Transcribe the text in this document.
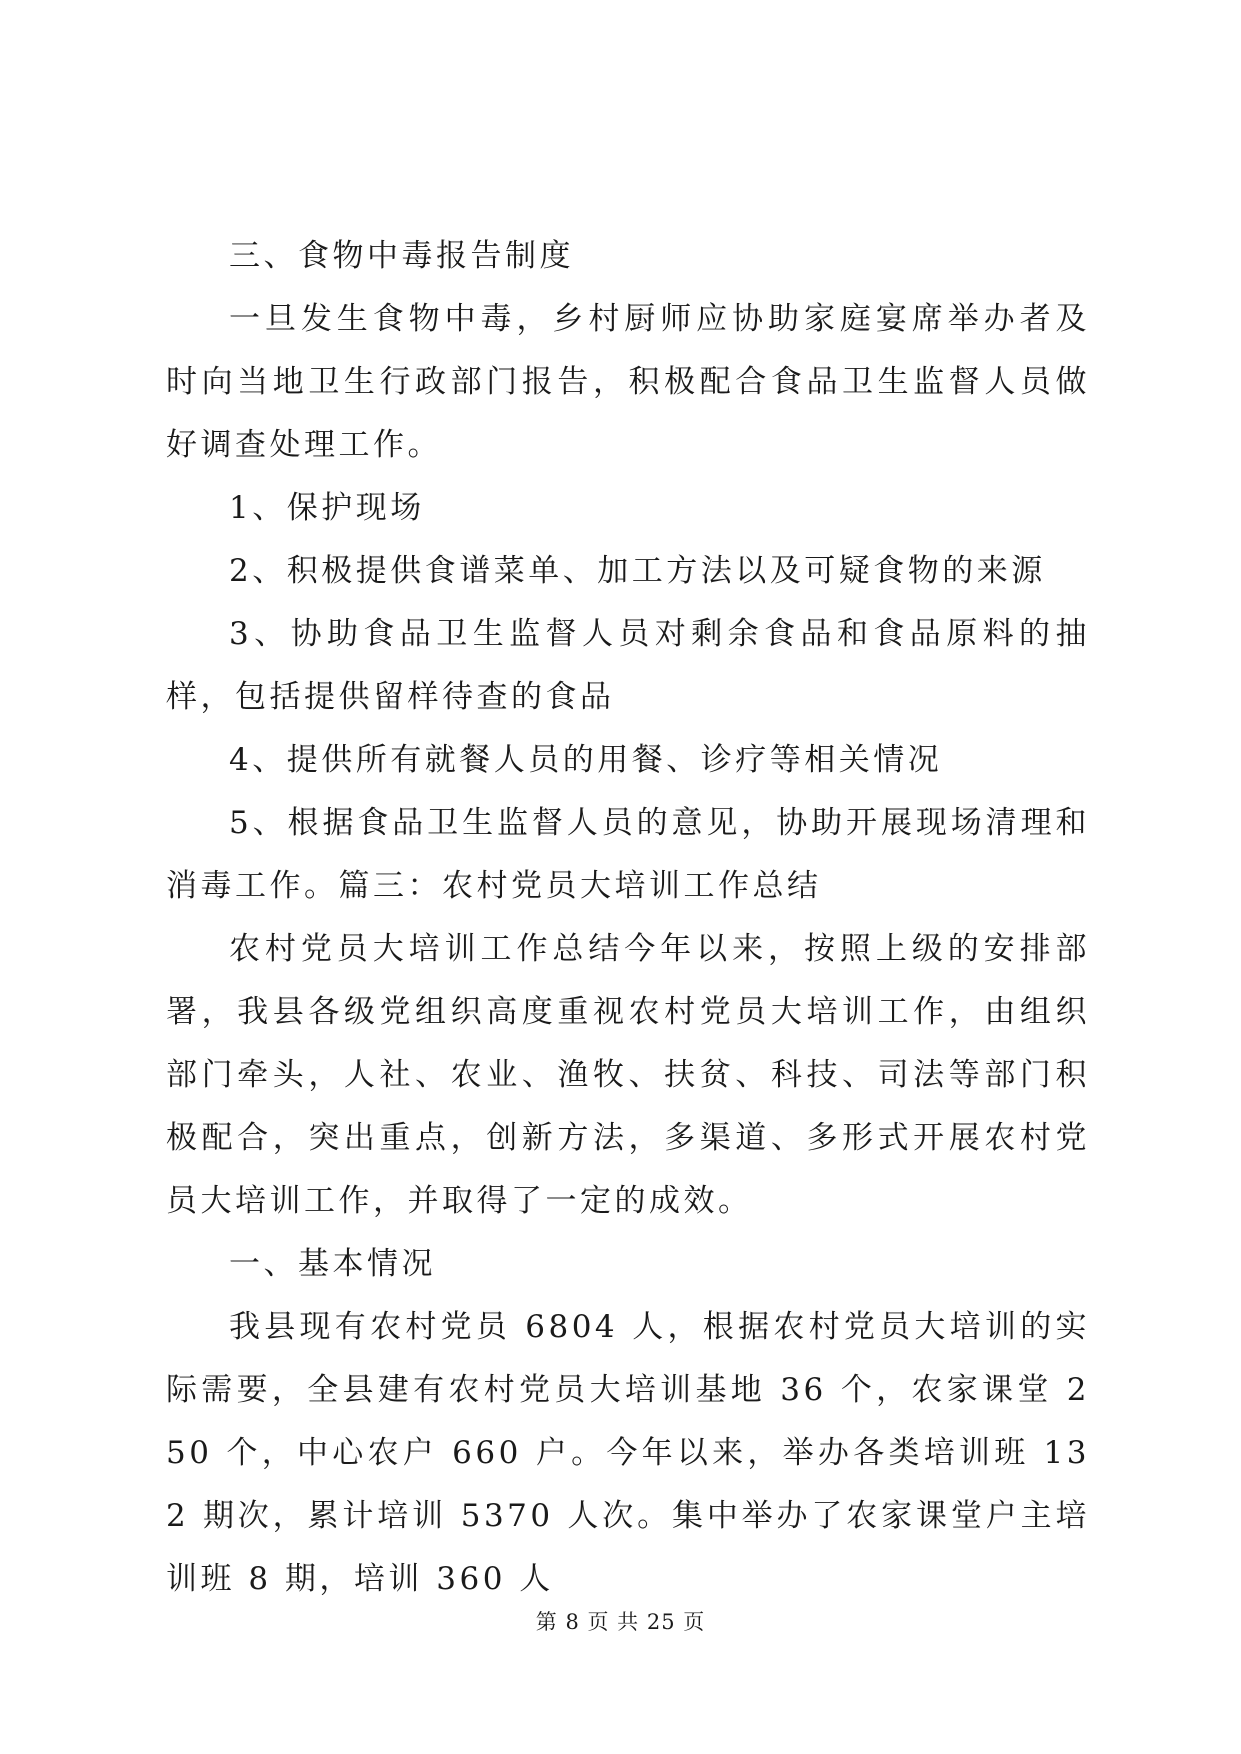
三、食物中毒报告制度

一旦发生食物中毒，乡村厨师应协助家庭宴席举办者及时向当地卫生行政部门报告，积极配合食品卫生监督人员做好调查处理工作。

1、保护现场

2、积极提供食谱菜单、加工方法以及可疑食物的来源

3、协助食品卫生监督人员对剩余食品和食品原料的抽样，包括提供留样待查的食品

4、提供所有就餐人员的用餐、诊疗等相关情况

5、根据食品卫生监督人员的意见，协助开展现场清理和消毒工作。篇三：农村党员大培训工作总结

农村党员大培训工作总结今年以来，按照上级的安排部署，我县各级党组织高度重视农村党员大培训工作，由组织部门牵头，人社、农业、渔牧、扶贫、科技、司法等部门积极配合，突出重点，创新方法，多渠道、多形式开展农村党员大培训工作，并取得了一定的成效。

一、基本情况

我县现有农村党员 6804 人，根据农村党员大培训的实际需要，全县建有农村党员大培训基地 36 个，农家课堂 250 个，中心农户 660 户。今年以来，举办各类培训班 132 期次，累计培训 5370 人次。集中举办了农家课堂户主培训班 8 期，培训 360 人

第 8 页 共 25 页
